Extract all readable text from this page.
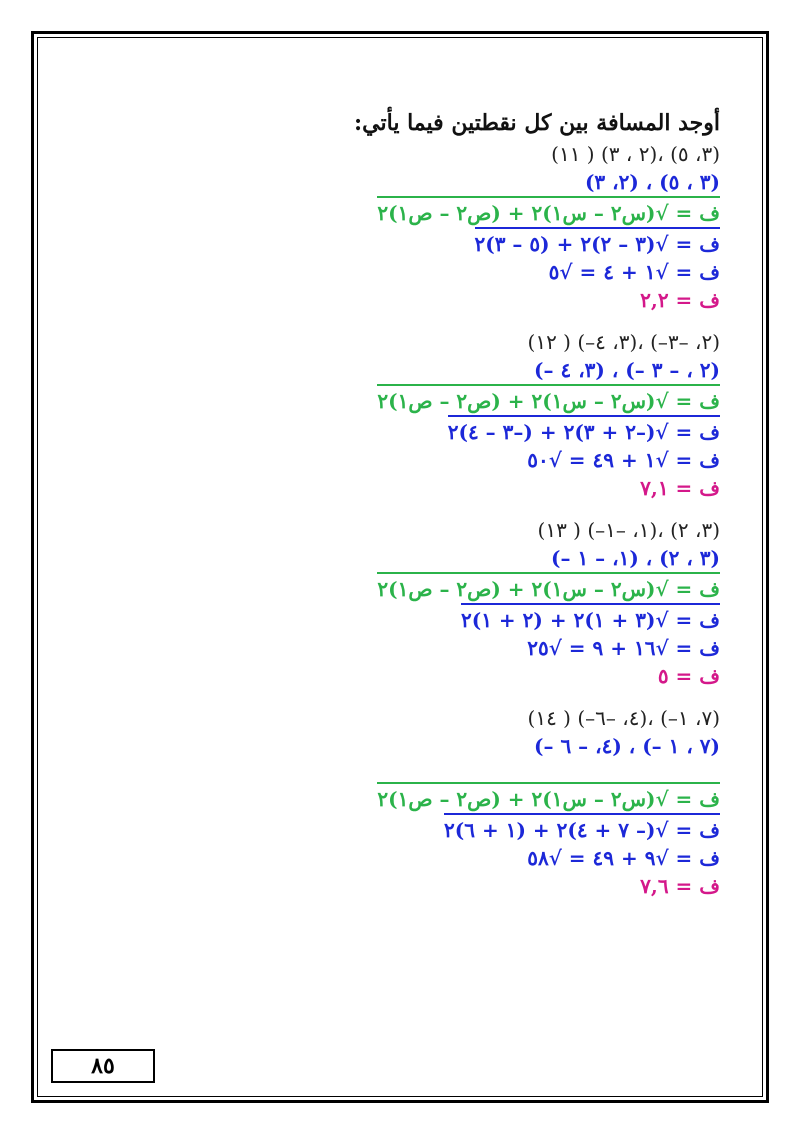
أوجد المسافة بين كل نقطتين فيما يأتي:
(١١ ) (٢ ، ٣)، (٣، ٥)
(٢، ٣) ، (٣ ، ٥)
ف = √(س٢ – س١)٢ + (ص٢ – ص١)٢
ف = √(٣ – ٢)٢ + (٥ – ٣)٢
ف = √١ + ٤ = √٥
ف = ٢,٢
(١٢ ) (–٣، ٤)، (–٢، –٣)
(– ٣، ٤) ، (– ٢ ، – ٣)
ف = √(س٢ – س١)٢ + (ص٢ – ص١)٢
ف = √(–٢ + ٣)٢ + (–٣ – ٤)٢
ف = √١ + ٤٩ = √٥٠
ف = ٧,١
(١٣ ) (–١، –١)، (٣، ٢)
(– ١، – ١) ، (٣ ، ٢)
ف = √(س٢ – س١)٢ + (ص٢ – ص١)٢
ف = √(٣ + ١)٢ + (٢ + ١)٢
ف = √١٦ + ٩ = √٢٥
ف = ٥
(١٤ ) (–٤، –٦)، (–٧، ١)
(– ٤، – ٦) ، (– ٧ ، ١)
ف = √(س٢ – س١)٢ + (ص٢ – ص١)٢
ف = √(– ٧ + ٤)٢ + (١ + ٦)٢
ف = √٩ + ٤٩ = √٥٨
ف = ٧,٦
٨٥
